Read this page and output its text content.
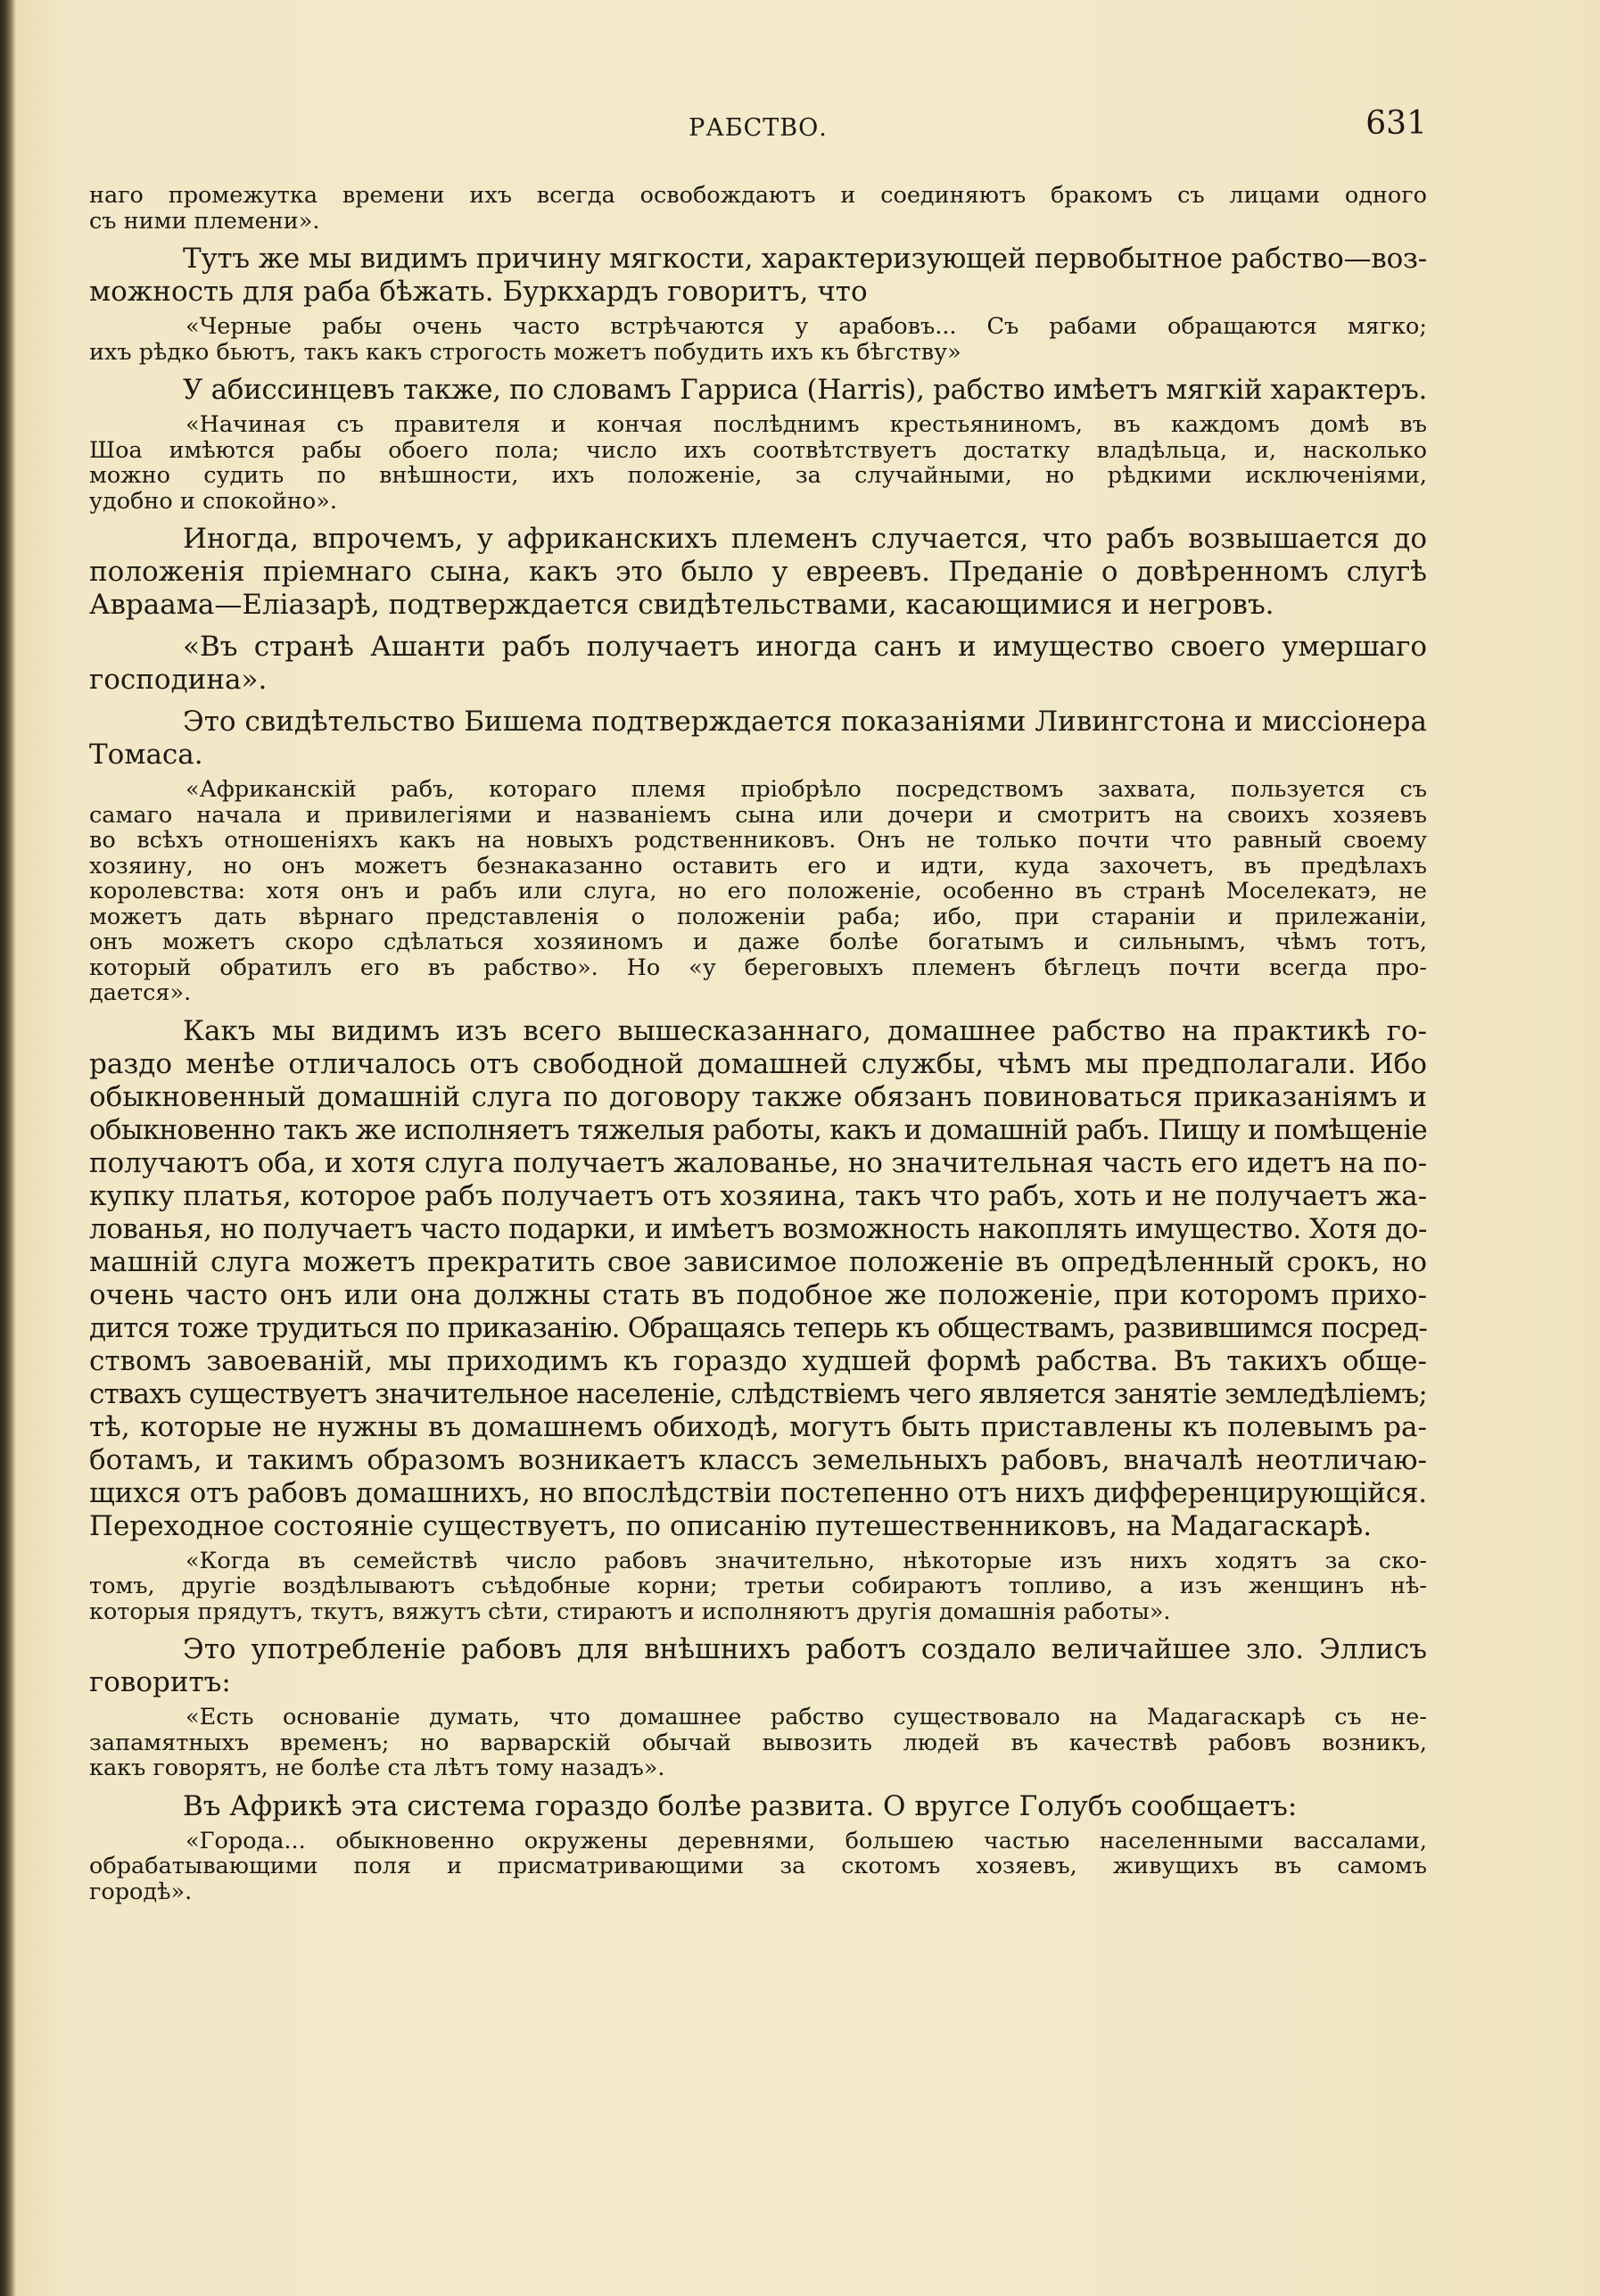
РАБСТВО.	631
наго промежутка времени ихъ всегда освобождаютъ и соединяютъ бракомъ съ лицами одного
съ ними племени».
Тутъ же мы видимъ причину мягкости, характеризующей первобытное рабство—воз-
можность для раба бѣжать. Буркхардъ говоритъ, что
«Черные рабы очень часто встрѣчаются у арабовъ... Съ рабами обращаются мягко;
ихъ рѣдко бьютъ, такъ какъ строгость можетъ побудить ихъ къ бѣгству»
У абиссинцевъ также, по словамъ Гарриса (Harris), рабство имѣетъ мягкій характеръ.
«Начиная съ правителя и кончая послѣднимъ крестьяниномъ, въ каждомъ домѣ въ
Шоа имѣются рабы обоего пола; число ихъ соотвѣтствуетъ достатку владѣльца, и, насколько
можно судить по внѣшности, ихъ положеніе, за случайными, но рѣдкими исключеніями,
удобно и спокойно».
Иногда, впрочемъ, у африканскихъ племенъ случается, что рабъ возвышается до
положенія пріемнаго сына, какъ это было у евреевъ. Преданіе о довѣренномъ слугѣ
Авраама—Еліазарѣ, подтверждается свидѣтельствами, касающимися и негровъ.
«Въ странѣ Ашанти рабъ получаетъ иногда санъ и имущество своего умершаго
господина».
Это свидѣтельство Бишема подтверждается показаніями Ливингстона и миссіонера
Томаса.
«Африканскій рабъ, котораго племя пріобрѣло посредствомъ захвата, пользуется съ
самаго начала и привилегіями и названіемъ сына или дочери и смотритъ на своихъ хозяевъ
во всѣхъ отношеніяхъ какъ на новыхъ родственниковъ. Онъ не только почти что равный своему
хозяину, но онъ можетъ безнаказанно оставить его и идти, куда захочетъ, въ предѣлахъ
королевства: хотя онъ и рабъ или слуга, но его положеніе, особенно въ странѣ Моселекатэ, не
можетъ дать вѣрнаго представленія о положеніи раба; ибо, при стараніи и прилежаніи,
онъ можетъ скоро сдѣлаться хозяиномъ и даже болѣе богатымъ и сильнымъ, чѣмъ тотъ,
который обратилъ его въ рабство». Но «у береговыхъ племенъ бѣглецъ почти всегда про-
дается».
Какъ мы видимъ изъ всего вышесказаннаго, домашнее рабство на практикѣ го-
раздо менѣе отличалось отъ свободной домашней службы, чѣмъ мы предполагали. Ибо
обыкновенный домашній слуга по договору также обязанъ повиноваться приказаніямъ и
обыкновенно такъ же исполняетъ тяжелыя работы, какъ и домашній рабъ. Пищу и помѣщеніе
получаютъ оба, и хотя слуга получаетъ жалованье, но значительная часть его идетъ на по-
купку платья, которое рабъ получаетъ отъ хозяина, такъ что рабъ, хоть и не получаетъ жа-
лованья, но получаетъ часто подарки, и имѣетъ возможность накоплять имущество. Хотя до-
машній слуга можетъ прекратить свое зависимое положеніе въ опредѣленный срокъ, но
очень часто онъ или она должны стать въ подобное же положеніе, при которомъ прихо-
дится тоже трудиться по приказанію. Обращаясь теперь къ обществамъ, развившимся посред-
ствомъ завоеваній, мы приходимъ къ гораздо худшей формѣ рабства. Въ такихъ обще-
ствахъ существуетъ значительное населеніе, слѣдствіемъ чего является занятіе земледѣліемъ;
тѣ, которые не нужны въ домашнемъ обиходѣ, могутъ быть приставлены къ полевымъ ра-
ботамъ, и такимъ образомъ возникаетъ классъ земельныхъ рабовъ, вначалѣ неотличаю-
щихся отъ рабовъ домашнихъ, но впослѣдствіи постепенно отъ нихъ дифференцирующійся.
Переходное состояніе существуетъ, по описанію путешественниковъ, на Мадагаскарѣ.
«Когда въ семействѣ число рабовъ значительно, нѣкоторые изъ нихъ ходятъ за ско-
томъ, другіе воздѣлываютъ съѣдобные корни; третьи собираютъ топливо, а изъ женщинъ нѣ-
которыя прядутъ, ткутъ, вяжутъ сѣти, стираютъ и исполняютъ другія домашнія работы».
Это употребленіе рабовъ для внѣшнихъ работъ создало величайшее зло. Эллисъ
говоритъ:
«Есть основаніе думать, что домашнее рабство существовало на Мадагаскарѣ съ не-
запамятныхъ временъ; но варварскій обычай вывозить людей въ качествѣ рабовъ возникъ,
какъ говорятъ, не болѣе ста лѣтъ тому назадъ».
Въ Африкѣ эта система гораздо болѣе развита. О вругсе Голубъ сообщаетъ:
«Города... обыкновенно окружены деревнями, большею частью населенными вассалами,
обрабатывающими поля и присматривающими за скотомъ хозяевъ, живущихъ въ самомъ
городѣ».
